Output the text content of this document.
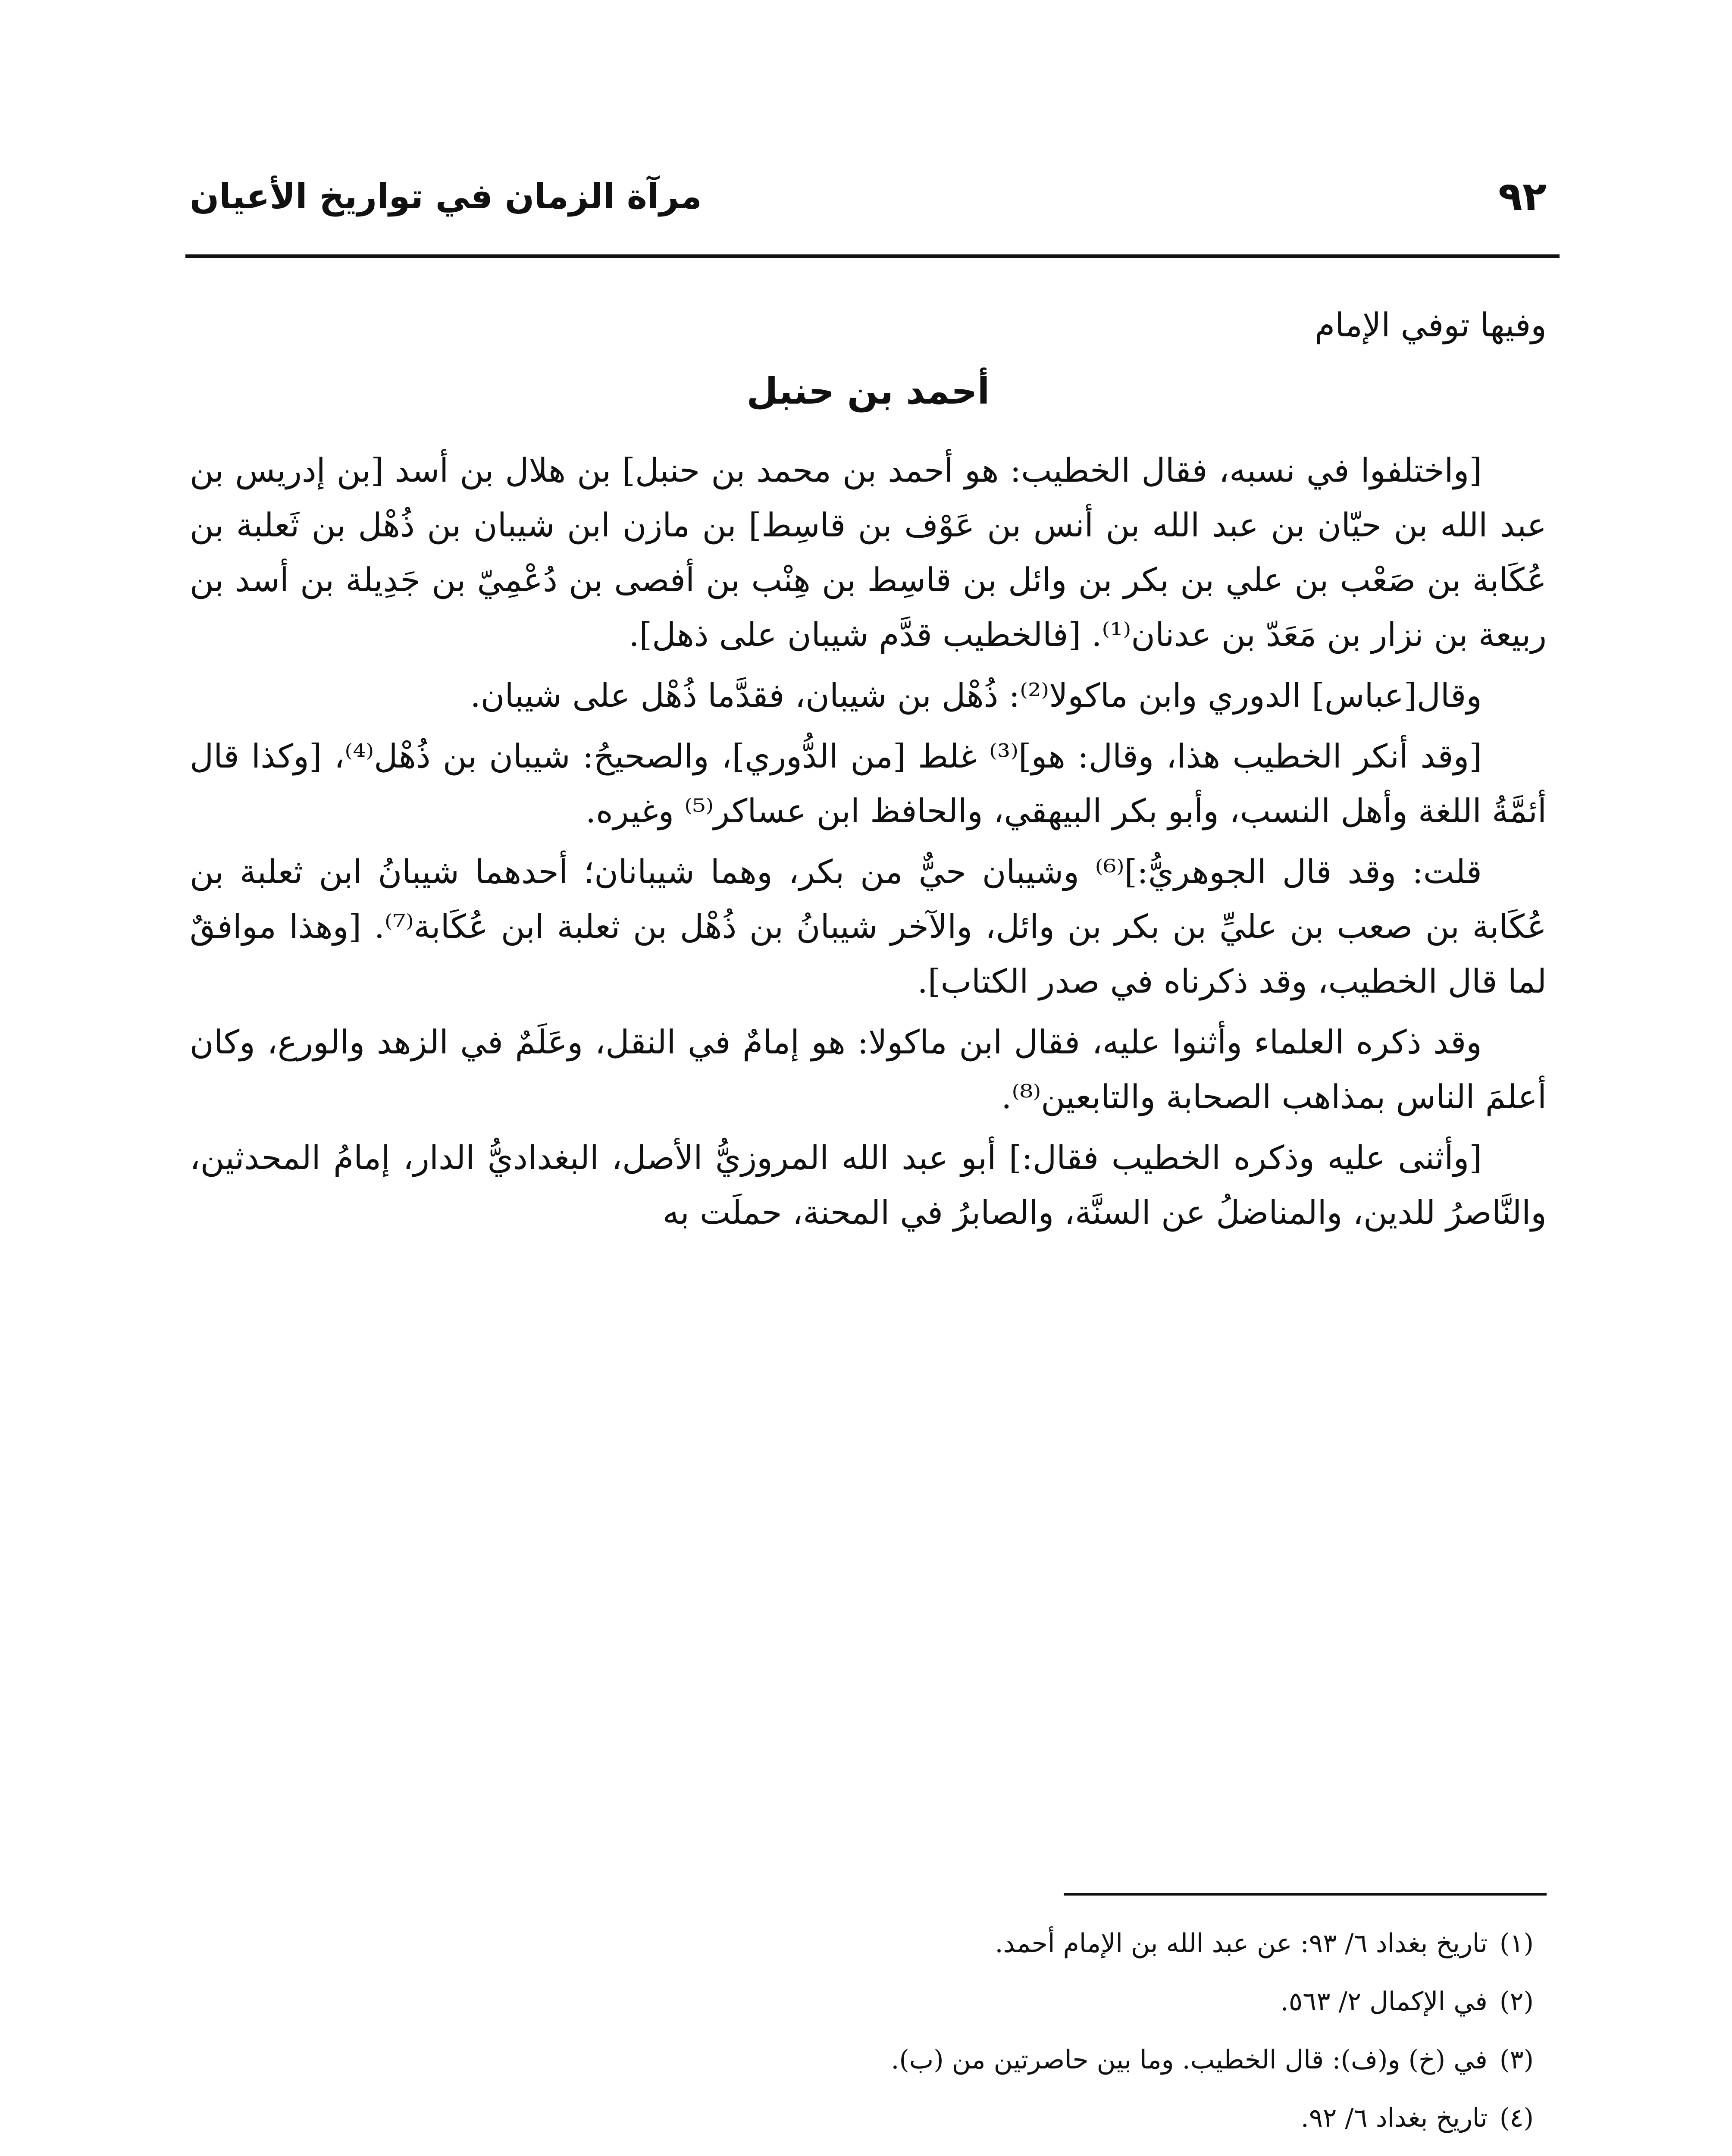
٩٢
مرآة الزمان في تواريخ الأعيان

وفيها توفي الإمام

أحمد بن حنبل

[واختلفوا في نسبه، فقال الخطيب: هو أحمد بن محمد بن حنبل] بن هلال بن أسد [بن إدريس بن عبد الله بن حيّان بن عبد الله بن أنس بن عَوْف بن قاسِط] بن مازن ابن شيبان بن ذُهْل بن ثَعلبة بن عُكَابة بن صَعْب بن علي بن بكر بن وائل بن قاسِط بن هِنْب بن أفصى بن دُعْمِيّ بن جَدِيلة بن أسد بن ربيعة بن نزار بن مَعَدّ بن عدنان⁽¹⁾. [فالخطيب قدَّم شيبان على ذهل].

وقال[عباس] الدوري وابن ماكولا⁽²⁾: ذُهْل بن شيبان، فقدَّما ذُهْل على شيبان.

[وقد أنكر الخطيب هذا، وقال: هو]⁽³⁾ غلط [من الدُّوري]، والصحيحُ: شيبان بن ذُهْل⁽⁴⁾، [وكذا قال أئمَّةُ اللغة وأهل النسب، وأبو بكر البيهقي، والحافظ ابن عساكر⁽⁵⁾ وغيره.

قلت: وقد قال الجوهريُّ:]⁽⁶⁾ وشيبان حيٌّ من بكر، وهما شيبانان؛ أحدهما شيبانُ ابن ثعلبة بن عُكَابة بن صعب بن عليِّ بن بكر بن وائل، والآخر شيبانُ بن ذُهْل بن ثعلبة ابن عُكَابة⁽⁷⁾. [وهذا موافقٌ لما قال الخطيب، وقد ذكرناه في صدر الكتاب].

وقد ذكره العلماء وأثنوا عليه، فقال ابن ماكولا: هو إمامٌ في النقل، وعَلَمٌ في الزهد والورع، وكان أعلمَ الناس بمذاهب الصحابة والتابعين⁽⁸⁾.

[وأثنى عليه وذكره الخطيب فقال:] أبو عبد الله المروزيُّ الأصل، البغداديُّ الدار، إمامُ المحدثين، والنَّاصرُ للدين، والمناضلُ عن السنَّة، والصابرُ في المحنة، حملَت به

(١)تاريخ بغداد ٦/ ٩٣: عن عبد الله بن الإمام أحمد.
(٢)في الإكمال ٢/ ٥٦٣.
(٣)في (خ) و(ف): قال الخطيب. وما بين حاصرتين من (ب).
(٤)تاريخ بغداد ٦/ ٩٢.
